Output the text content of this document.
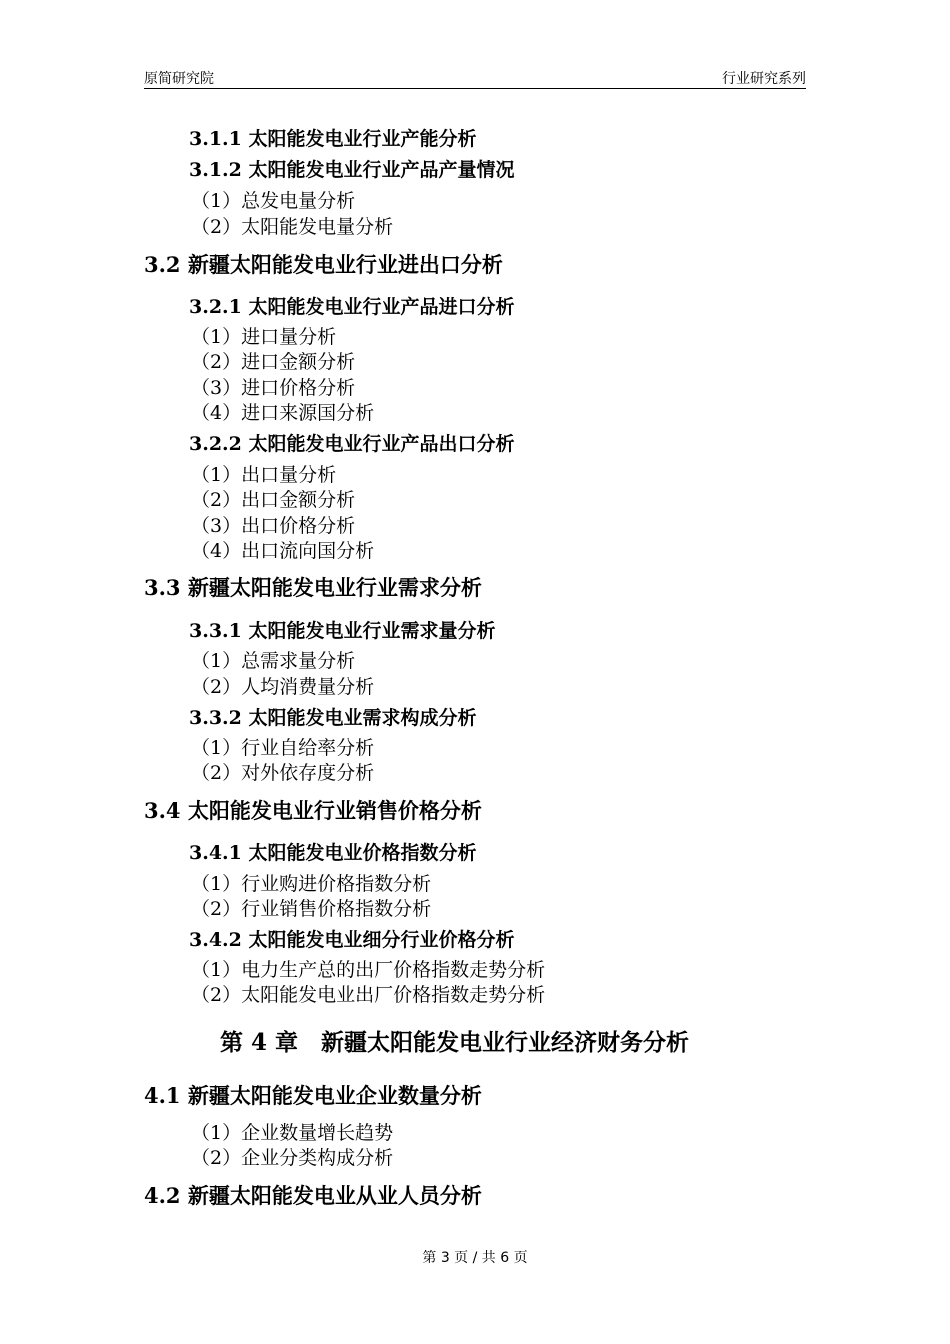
原简研究院	行业研究系列
3.1.1 太阳能发电业行业产能分析
3.1.2 太阳能发电业行业产品产量情况
（1）总发电量分析
（2）太阳能发电量分析
3.2 新疆太阳能发电业行业进出口分析
3.2.1 太阳能发电业行业产品进口分析
（1）进口量分析
（2）进口金额分析
（3）进口价格分析
（4）进口来源国分析
3.2.2 太阳能发电业行业产品出口分析
（1）出口量分析
（2）出口金额分析
（3）出口价格分析
（4）出口流向国分析
3.3 新疆太阳能发电业行业需求分析
3.3.1 太阳能发电业行业需求量分析
（1）总需求量分析
（2）人均消费量分析
3.3.2 太阳能发电业需求构成分析
（1）行业自给率分析
（2）对外依存度分析
3.4 太阳能发电业行业销售价格分析
3.4.1 太阳能发电业价格指数分析
（1）行业购进价格指数分析
（2）行业销售价格指数分析
3.4.2 太阳能发电业细分行业价格分析
（1）电力生产总的出厂价格指数走势分析
（2）太阳能发电业出厂价格指数走势分析
第 4 章　新疆太阳能发电业行业经济财务分析
4.1 新疆太阳能发电业企业数量分析
（1）企业数量增长趋势
（2）企业分类构成分析
4.2 新疆太阳能发电业从业人员分析
第 3 页 / 共 6 页
